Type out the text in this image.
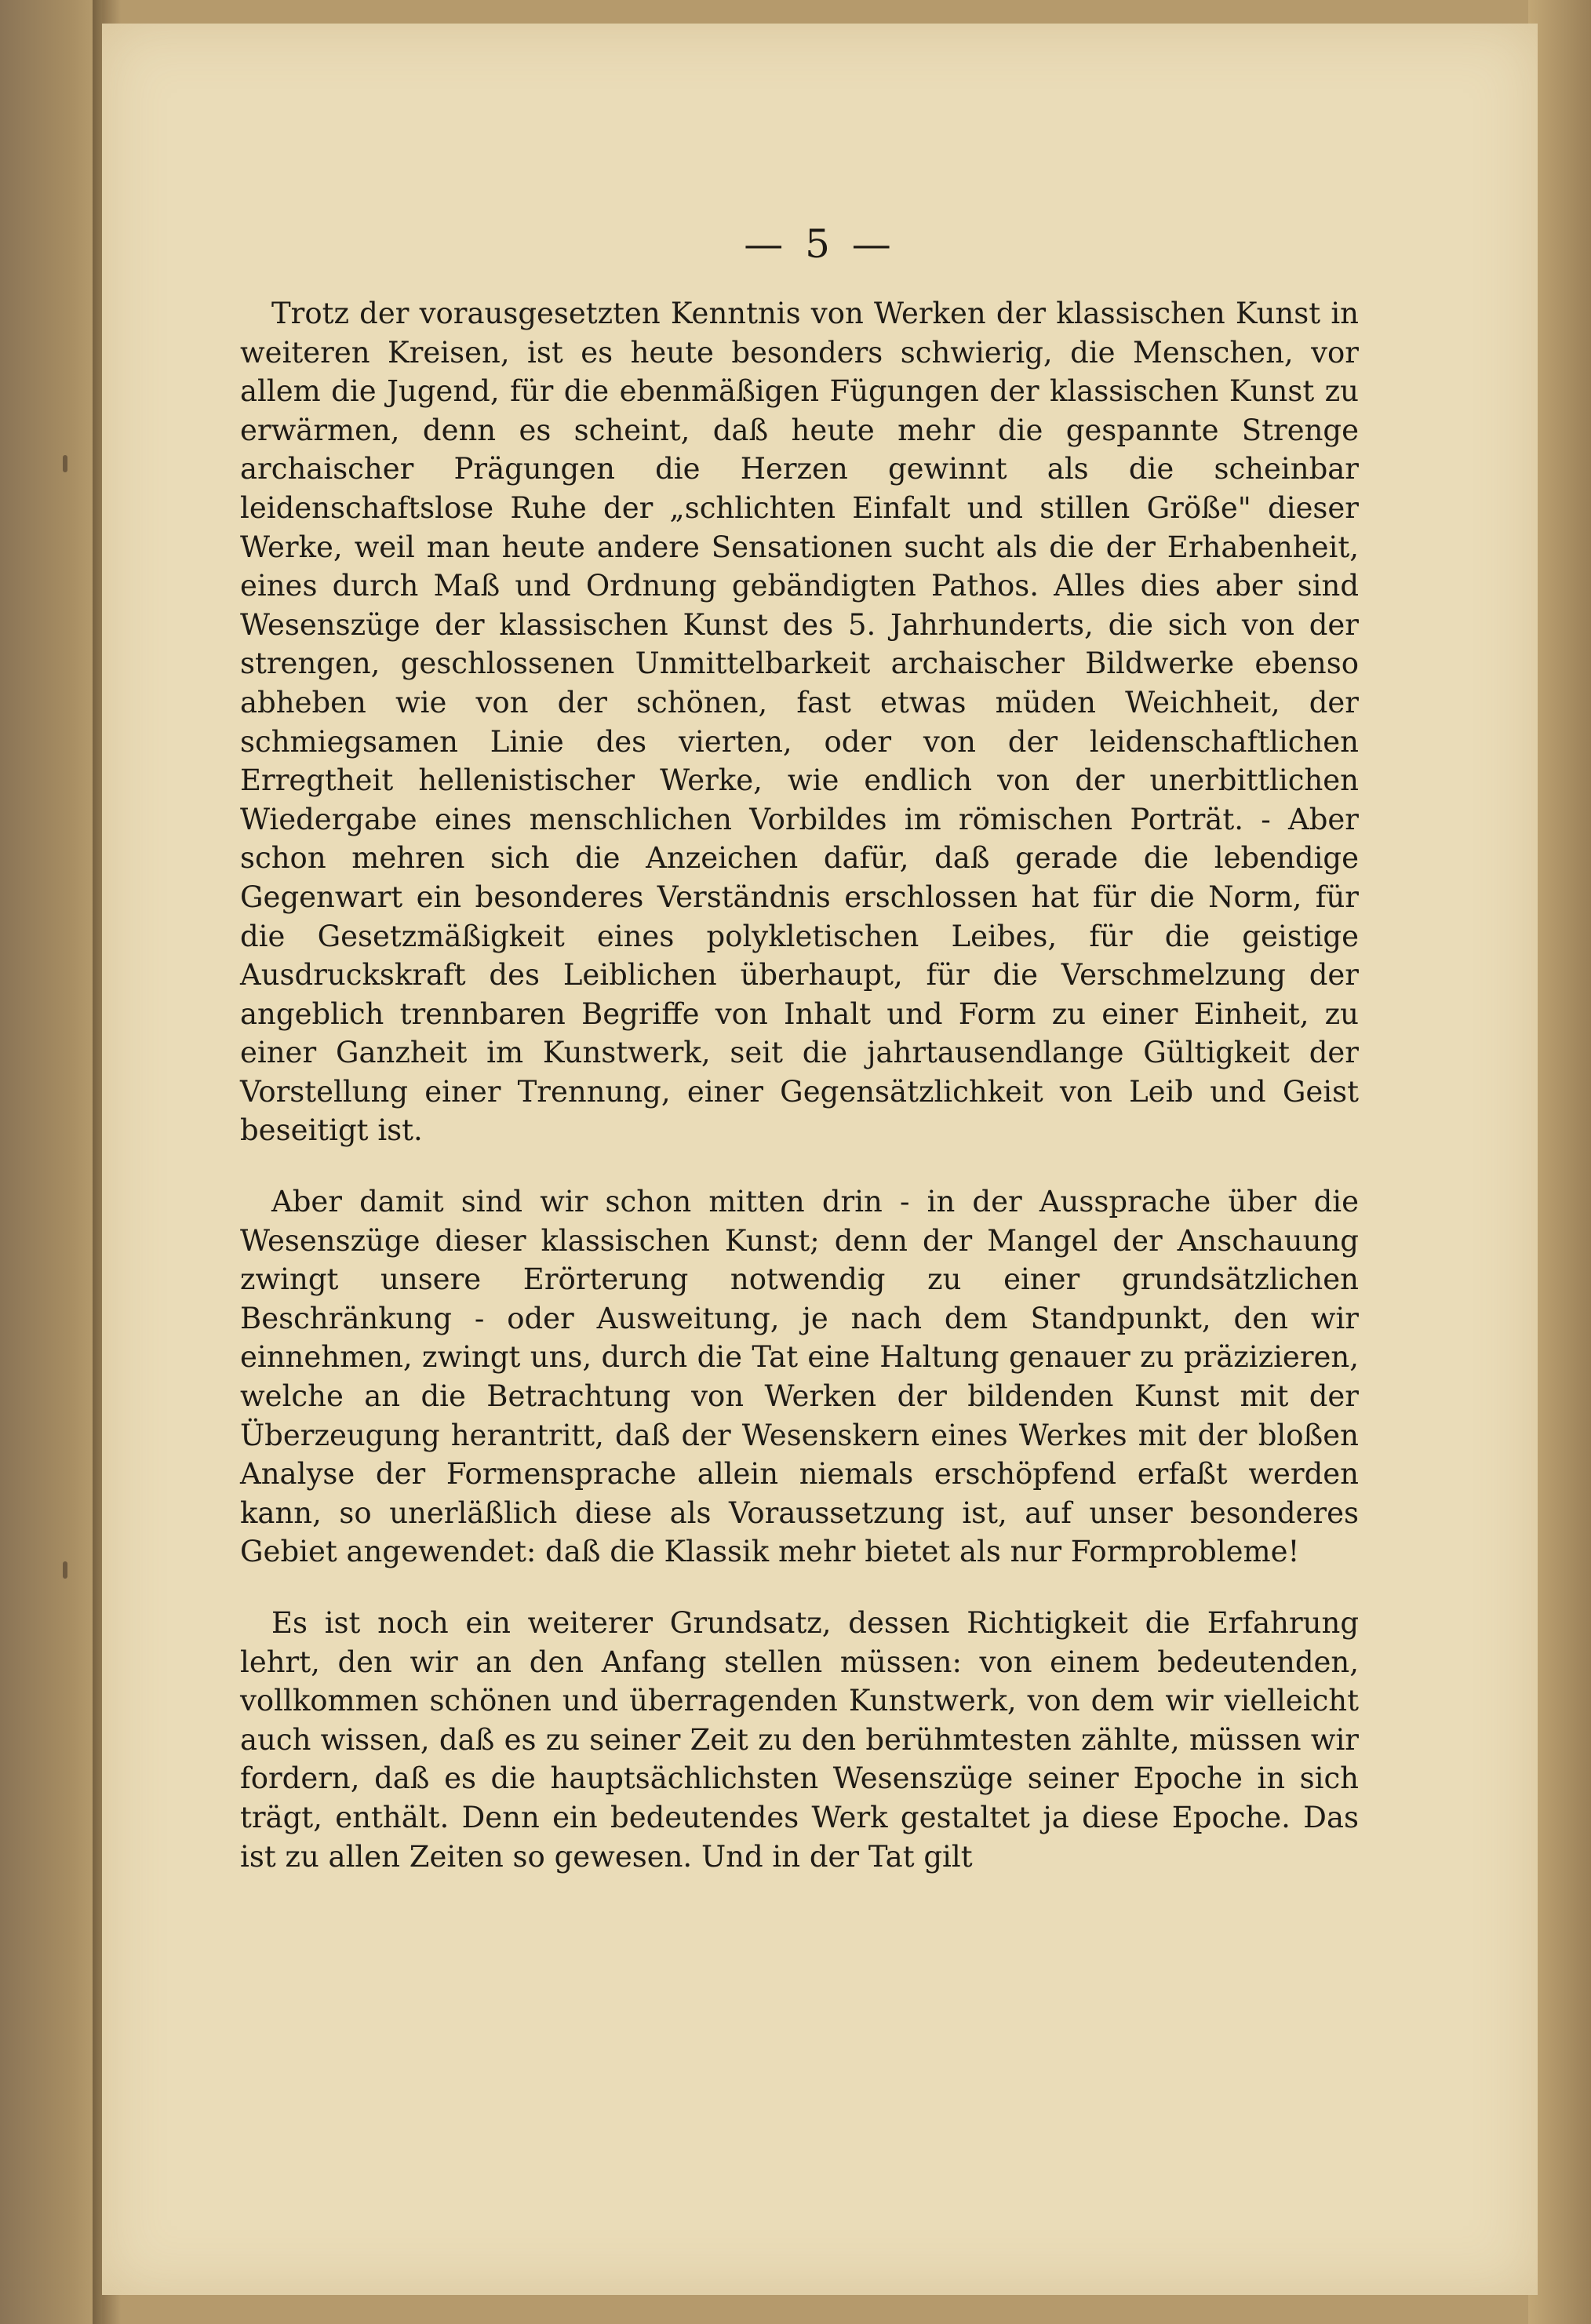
— 5 —

Trotz der vorausgesetzten Kenntnis von Werken der klassischen Kunst in weiteren Kreisen, ist es heute besonders schwierig, die Menschen, vor allem die Jugend, für die ebenmäßigen Fügungen der klassischen Kunst zu erwärmen, denn es scheint, daß heute mehr die gespannte Strenge archaischer Prägungen die Herzen gewinnt als die scheinbar leidenschaftslose Ruhe der „schlichten Einfalt und stillen Größe" dieser Werke, weil man heute andere Sensationen sucht als die der Erhabenheit, eines durch Maß und Ordnung gebändigten Pathos. Alles dies aber sind Wesenszüge der klassischen Kunst des 5. Jahrhunderts, die sich von der strengen, geschlossenen Unmittelbarkeit archaischer Bildwerke ebenso abheben wie von der schönen, fast etwas müden Weichheit, der schmiegsamen Linie des vierten, oder von der leidenschaftlichen Erregtheit hellenistischer Werke, wie endlich von der unerbittlichen Wiedergabe eines menschlichen Vorbildes im römischen Porträt. - Aber schon mehren sich die Anzeichen dafür, daß gerade die lebendige Gegenwart ein besonderes Verständnis erschlossen hat für die Norm, für die Gesetzmäßigkeit eines polykletischen Leibes, für die geistige Ausdruckskraft des Leiblichen überhaupt, für die Verschmelzung der angeblich trennbaren Begriffe von Inhalt und Form zu einer Einheit, zu einer Ganzheit im Kunstwerk, seit die jahrtausendlange Gültigkeit der Vorstellung einer Trennung, einer Gegensätzlichkeit von Leib und Geist beseitigt ist.

Aber damit sind wir schon mitten drin - in der Aussprache über die Wesenszüge dieser klassischen Kunst; denn der Mangel der Anschauung zwingt unsere Erörterung notwendig zu einer grundsätzlichen Beschränkung - oder Ausweitung, je nach dem Standpunkt, den wir einnehmen, zwingt uns, durch die Tat eine Haltung genauer zu präzizieren, welche an die Betrachtung von Werken der bildenden Kunst mit der Überzeugung herantritt, daß der Wesenskern eines Werkes mit der bloßen Analyse der Formensprache allein niemals erschöpfend erfaßt werden kann, so unerläßlich diese als Voraussetzung ist, auf unser besonderes Gebiet angewendet: daß die Klassik mehr bietet als nur Formprobleme!

Es ist noch ein weiterer Grundsatz, dessen Richtigkeit die Erfahrung lehrt, den wir an den Anfang stellen müssen: von einem bedeutenden, vollkommen schönen und überragenden Kunstwerk, von dem wir vielleicht auch wissen, daß es zu seiner Zeit zu den berühmtesten zählte, müssen wir fordern, daß es die hauptsächlichsten Wesenszüge seiner Epoche in sich trägt, enthält. Denn ein bedeutendes Werk gestaltet ja diese Epoche. Das ist zu allen Zeiten so gewesen. Und in der Tat gilt
